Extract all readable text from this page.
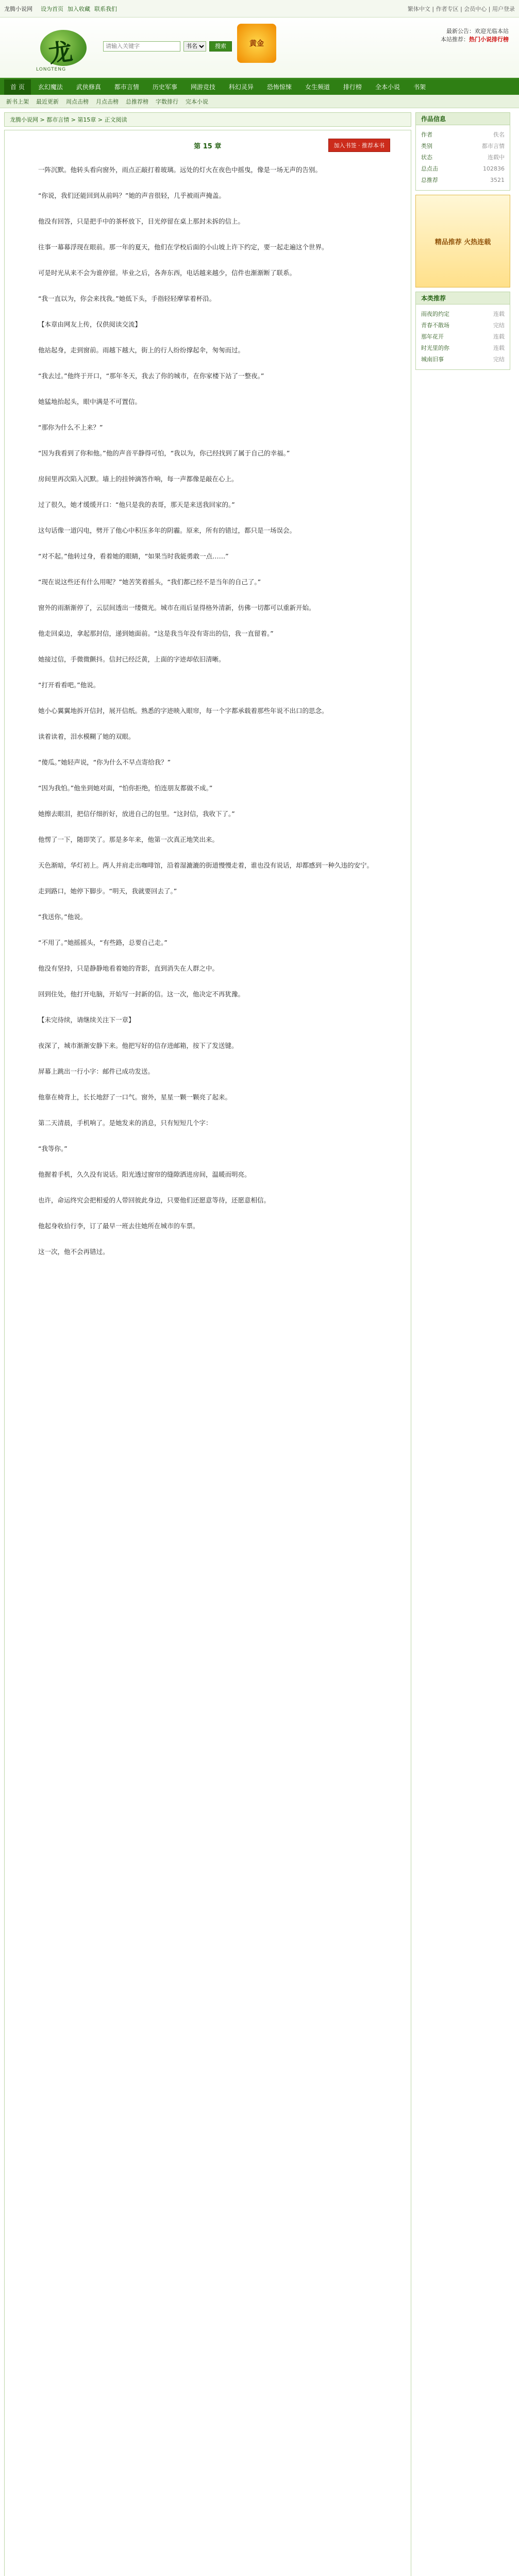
龙腾小说网 设为首页 加入收藏 联系我们	繁体中文 | 作者专区 | 会员中心 | 用户登录
龙
LONGTENG
请输入关键字
书名
搜索	黄金
最新公告：欢迎光临本站
本站推荐：热门小说排行榜
首 页	玄幻魔法	武侠修真	都市言情	历史军事	网游竞技	科幻灵异	恐怖惊悚	女生频道	排行榜	全本小说	书架
新书上架 最近更新 周点击榜 月点击榜 总推荐榜 字数排行 完本小说
龙腾小说网 > 都市言情 > 第15章 > 正文阅读
第 15 章	加入书签 · 推荐本书

一阵沉默。他转头看向窗外，雨点正敲打着玻璃。远处的灯火在夜色中摇曳，像是一场无声的告别。

“你说，我们还能回到从前吗？”她的声音很轻，几乎被雨声掩盖。

他没有回答，只是把手中的茶杯放下，目光停留在桌上那封未拆的信上。

往事一幕幕浮现在眼前。那一年的夏天，他们在学校后面的小山坡上许下约定，要一起走遍这个世界。

可是时光从来不会为谁停留。毕业之后，各奔东西，电话越来越少，信件也渐渐断了联系。

“我一直以为，你会来找我。”她低下头，手指轻轻摩挲着杯沿。

【本章由网友上传，仅供阅读交流】

他站起身，走到窗前。雨越下越大，街上的行人纷纷撑起伞，匆匆而过。

“我去过。”他终于开口，“那年冬天，我去了你的城市，在你家楼下站了一整夜。”

她猛地抬起头，眼中满是不可置信。

“那你为什么不上来？”

“因为我看到了你和他。”他的声音平静得可怕，“我以为，你已经找到了属于自己的幸福。”

房间里再次陷入沉默。墙上的挂钟滴答作响，每一声都像是敲在心上。

过了很久，她才缓缓开口：“他只是我的表哥，那天是来送我回家的。”

这句话像一道闪电，劈开了他心中积压多年的阴霾。原来，所有的错过，都只是一场误会。

“对不起。”他转过身，看着她的眼睛，“如果当时我能勇敢一点……”

“现在说这些还有什么用呢？”她苦笑着摇头，“我们都已经不是当年的自己了。”

窗外的雨渐渐停了，云层间透出一缕微光。城市在雨后显得格外清新，仿佛一切都可以重新开始。

他走回桌边，拿起那封信，递到她面前。“这是我当年没有寄出的信，我一直留着。”

她接过信，手微微颤抖。信封已经泛黄，上面的字迹却依旧清晰。

“打开看看吧。”他说。

她小心翼翼地拆开信封，展开信纸。熟悉的字迹映入眼帘，每一个字都承载着那些年说不出口的思念。

读着读着，泪水模糊了她的双眼。

“傻瓜。”她轻声说，“你为什么不早点寄给我？”

“因为我怕。”他坐到她对面，“怕你拒绝，怕连朋友都做不成。”

她擦去眼泪，把信仔细折好，放进自己的包里。“这封信，我收下了。”

他愣了一下，随即笑了。那是多年来，他第一次真正地笑出来。

天色渐暗，华灯初上。两人并肩走出咖啡馆，沿着湿漉漉的街道慢慢走着，谁也没有说话，却都感到一种久违的安宁。

走到路口，她停下脚步。“明天，我就要回去了。”

“我送你。”他说。

“不用了。”她摇摇头，“有些路，总要自己走。”

他没有坚持，只是静静地看着她的背影，直到消失在人群之中。

回到住处，他打开电脑，开始写一封新的信。这一次，他决定不再犹豫。

【未完待续，请继续关注下一章】

夜深了，城市渐渐安静下来。他把写好的信存进邮箱，按下了发送键。

屏幕上跳出一行小字：邮件已成功发送。

他靠在椅背上，长长地舒了一口气。窗外，星星一颗一颗亮了起来。

第二天清晨，手机响了。是她发来的消息，只有短短几个字：

“我等你。”

他握着手机，久久没有说话。阳光透过窗帘的缝隙洒进房间，温暖而明亮。

也许，命运终究会把相爱的人带回彼此身边，只要他们还愿意等待，还愿意相信。

他起身收拾行李，订了最早一班去往她所在城市的车票。

这一次，他不会再错过。

作品信息
作者	佚名
类别	都市言情
状态	连载中
总点击	102836
总推荐	3521
精品推荐 火热连载
本类推荐
雨夜的约定	连载
青春不散场	完结
那年花开	连载
时光里的你	连载
城南旧事	完结
